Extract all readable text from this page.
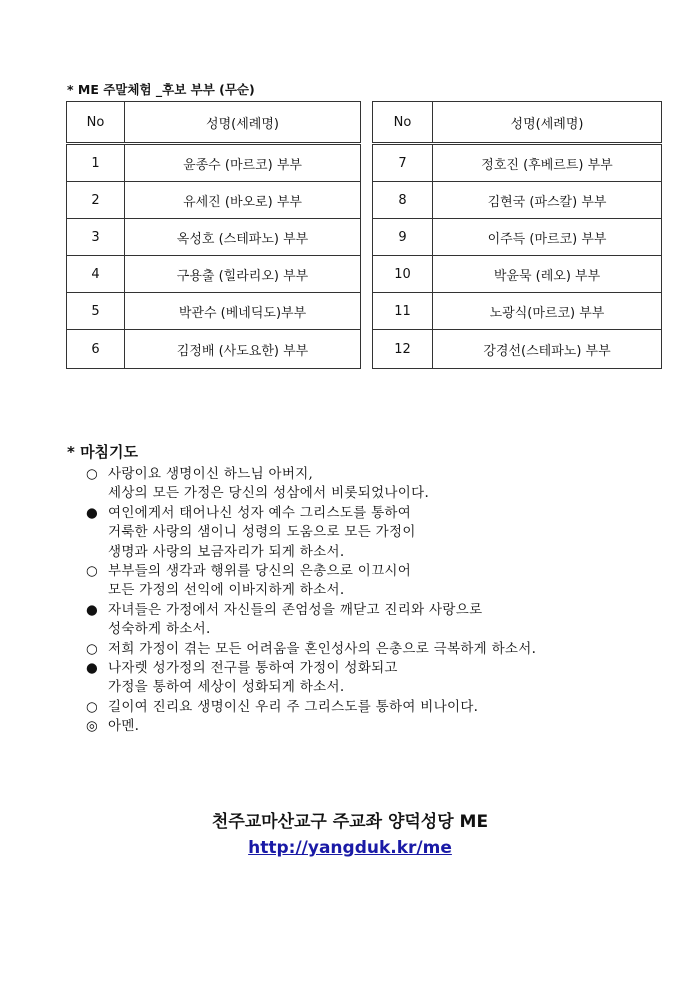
* ME 주말체험 _후보 부부 (무순)
No	성명(세례명)
1	윤종수 (마르코) 부부
2	유세진 (바오로) 부부
3	옥성호 (스테파노) 부부
4	구용출 (힐라리오) 부부
5	박관수 (베네딕도)부부
6	김정배 (사도요한) 부부
No	성명(세례명)
7	정호진 (후베르트) 부부
8	김현국 (파스칼) 부부
9	이주득 (마르코) 부부
10	박윤묵 (레오) 부부
11	노광식(마르코) 부부
12	강경선(스테파노) 부부
* 마침기도
○ 사랑이요 생명이신 하느님 아버지,
세상의 모든 가정은 당신의 성삼에서 비롯되었나이다.
● 여인에게서 태어나신 성자 예수 그리스도를 통하여
거룩한 사랑의 샘이니 성령의 도움으로 모든 가정이
생명과 사랑의 보금자리가 되게 하소서.
○ 부부들의 생각과 행위를 당신의 은총으로 이끄시어
모든 가정의 선익에 이바지하게 하소서.
● 자녀들은 가정에서 자신들의 존엄성을 깨닫고 진리와 사랑으로
성숙하게 하소서.
○ 저희 가정이 겪는 모든 어려움을 혼인성사의 은총으로 극복하게 하소서.
● 나자렛 성가정의 전구를 통하여 가정이 성화되고
가정을 통하여 세상이 성화되게 하소서.
○ 길이여 진리요 생명이신 우리 주 그리스도를 통하여 비나이다.
◎ 아멘.
천주교마산교구 주교좌 양덕성당 ME
http://yangduk.kr/me
